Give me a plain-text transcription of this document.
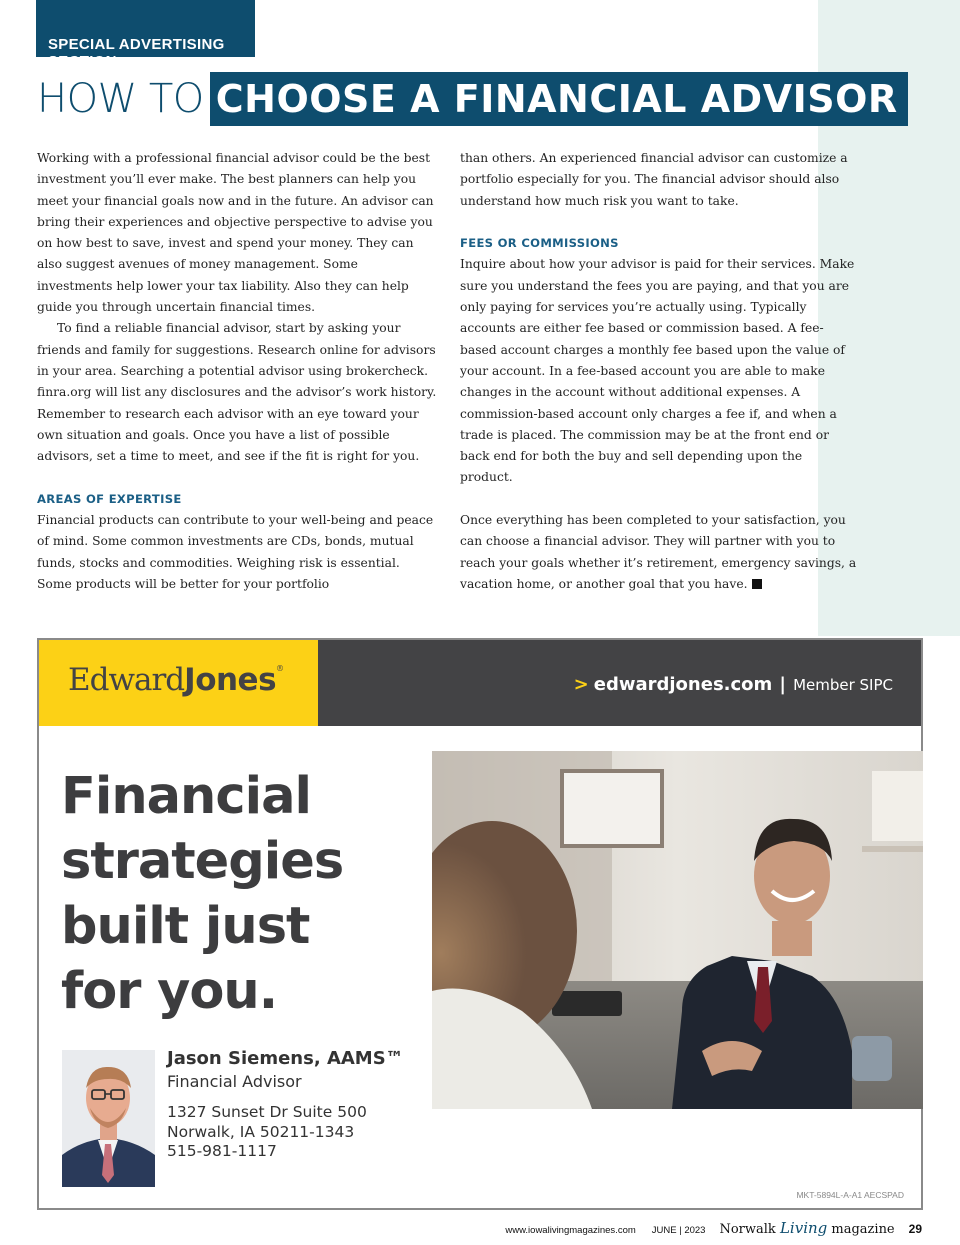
SPECIAL ADVERTISING SECTION
HOW TO CHOOSE A FINANCIAL ADVISOR

Working with a professional financial advisor could be the best investment you’ll ever make. The best planners can help you meet your financial goals now and in the future. An advisor can bring their experiences and objective perspective to advise you on how best to save, invest and spend your money. They can also suggest avenues of money management. Some investments help lower your tax liability. Also they can help guide you through uncertain financial times.

To find a reliable financial advisor, start by asking your friends and family for suggestions. Research online for advisors in your area. Searching a potential advisor using brokercheck. finra.org will list any disclosures and the advisor’s work history. Remember to research each advisor with an eye toward your own situation and goals. Once you have a list of possible advisors, set a time to meet, and see if the fit is right for you.

AREAS OF EXPERTISE

Financial products can contribute to your well-being and peace of mind. Some common investments are CDs, bonds, mutual funds, stocks and commodities. Weighing risk is essential. Some products will be better for your portfolio

than others. An experienced financial advisor can customize a portfolio especially for you. The financial advisor should also understand how much risk you want to take.

FEES OR COMMISSIONS

Inquire about how your advisor is paid for their services. Make sure you understand the fees you are paying, and that you are only paying for services you’re actually using. Typically accounts are either fee based or commission based. A fee-based account charges a monthly fee based upon the value of your account. In a fee-based account you are able to make changes in the account without additional expenses. A commission-based account only charges a fee if, and when a trade is placed. The commission may be at the front end or back end for both the buy and sell depending upon the product.

Once everything has been completed to your satisfaction, you can choose a financial advisor. They will partner with you to reach your goals whether it’s retirement, emergency savings, a vacation home, or another goal that you have.

EdwardJones®
> edwardjones.com | Member SIPC
Financial
strategies
built just
for you.
Jason Siemens, AAMS™
Financial Advisor
1327 Sunset Dr Suite 500
Norwalk, IA 50211-1343
515-981-1117
MKT-5894L-A-A1 AECSPAD
www.iowalivingmagazines.com JUNE | 2023 Norwalk Living magazine 29
